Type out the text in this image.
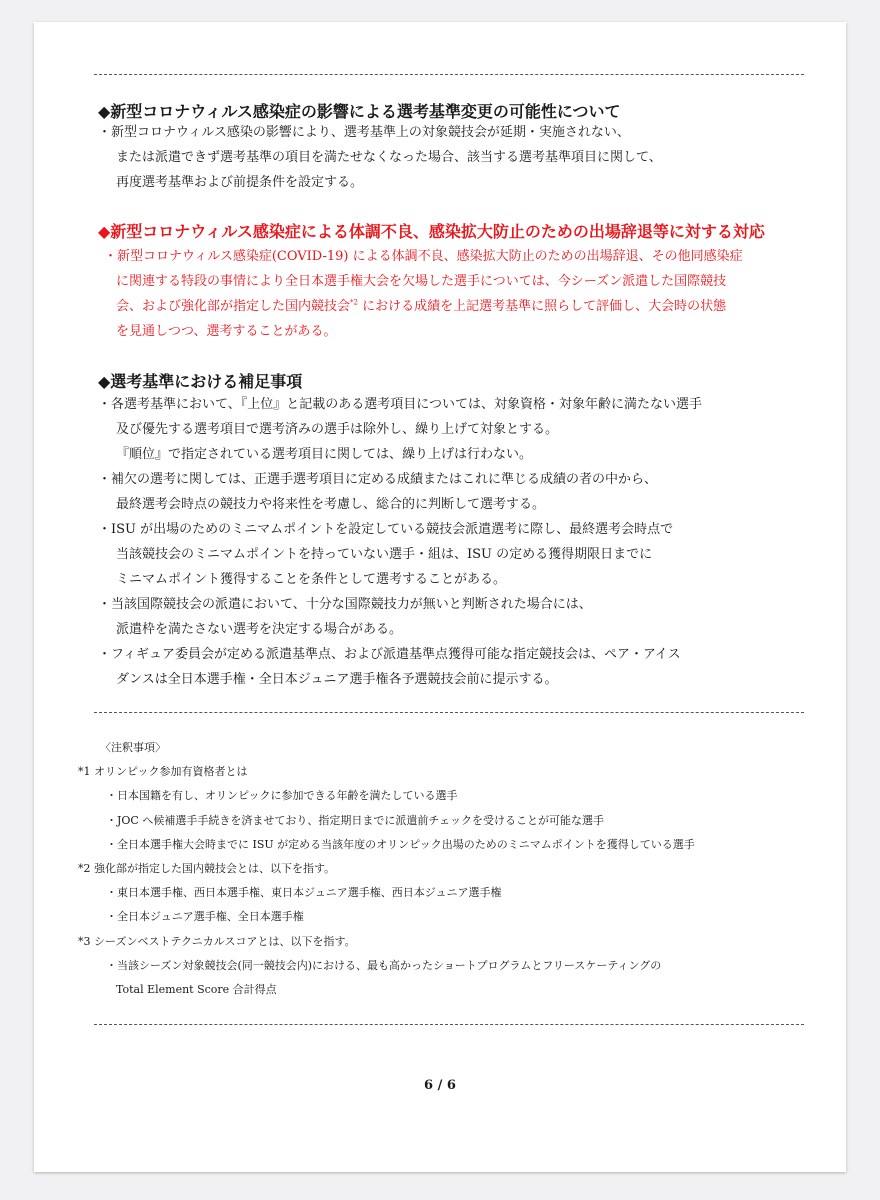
◆新型コロナウィルス感染症の影響による選考基準変更の可能性について
・新型コロナウィルス感染の影響により、選考基準上の対象競技会が延期・実施されない、
または派遣できず選考基準の項目を満たせなくなった場合、該当する選考基準項目に関して、
再度選考基準および前提条件を設定する。
◆新型コロナウィルス感染症による体調不良、感染拡大防止のための出場辞退等に対する対応
・新型コロナウィルス感染症(COVID-19) による体調不良、感染拡大防止のための出場辞退、その他同感染症
に関連する特段の事情により全日本選手権大会を欠場した選手については、今シーズン派遣した国際競技
会、および強化部が指定した国内競技会$^{*2}$ における成績を上記選考基準に照らして評価し、大会時の状態
を見通しつつ、選考することがある。
◆選考基準における補足事項
・各選考基準において、『上位』と記載のある選考項目については、対象資格・対象年齢に満たない選手
及び優先する選考項目で選考済みの選手は除外し、繰り上げて対象とする。
『順位』で指定されている選考項目に関しては、繰り上げは行わない。
・補欠の選考に関しては、正選手選考項目に定める成績またはこれに準じる成績の者の中から、
最終選考会時点の競技力や将来性を考慮し、総合的に判断して選考する。
・ISU が出場のためのミニマムポイントを設定している競技会派遣選考に際し、最終選考会時点で
当該競技会のミニマムポイントを持っていない選手・組は、ISU の定める獲得期限日までに
ミニマムポイント獲得することを条件として選考することがある。
・当該国際競技会の派遣において、十分な国際競技力が無いと判断された場合には、
派遣枠を満たさない選考を決定する場合がある。
・フィギュア委員会が定める派遣基準点、および派遣基準点獲得可能な指定競技会は、ペア・アイス
ダンスは全日本選手権・全日本ジュニア選手権各予選競技会前に提示する。
〈注釈事項〉
*1 オリンピック参加有資格者とは
・日本国籍を有し、オリンピックに参加できる年齢を満たしている選手
・JOC へ候補選手手続きを済ませており、指定期日までに派遣前チェックを受けることが可能な選手
・全日本選手権大会時までに ISU が定める当該年度のオリンピック出場のためのミニマムポイントを獲得している選手
*2 強化部が指定した国内競技会とは、以下を指す。
・東日本選手権、西日本選手権、東日本ジュニア選手権、西日本ジュニア選手権
・全日本ジュニア選手権、全日本選手権
*3 シーズンベストテクニカルスコアとは、以下を指す。
・当該シーズン対象競技会(同一競技会内)における、最も高かったショートプログラムとフリースケーティングの
Total Element Score 合計得点
6 / 6
